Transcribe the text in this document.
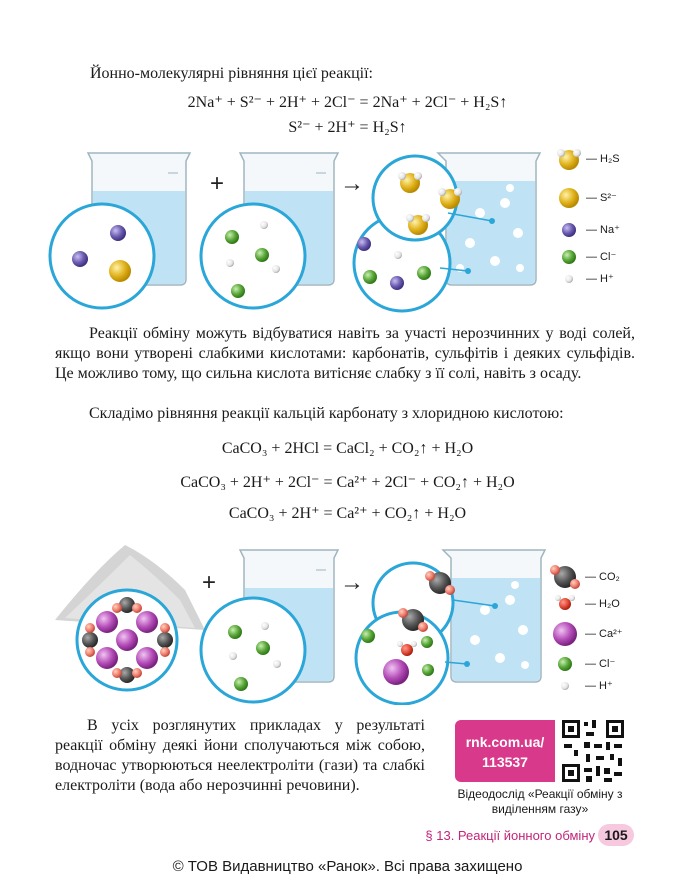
Йонно-молекулярні рівняння цієї реакції:
2Na⁺ + S²⁻ + 2H⁺ + 2Cl⁻ = 2Na⁺ + 2Cl⁻ + H₂S↑
S²⁻ + 2H⁺ = H₂S↑
+	→
— H₂S
— S²⁻
— Na⁺
— Cl⁻
— H⁺
Реакції обміну можуть відбуватися навіть за участі нерозчинних у воді солей, якщо вони утворені слабкими кислотами: карбонатів, сульфітів і деяких сульфідів. Це можливо тому, що сильна кислота витісняє слабку з її солі, навіть з осаду.
Складімо рівняння реакції кальцій карбонату з хлоридною кислотою:
CaCO₃ + 2HCl = CaCl₂ + CO₂↑ + H₂O
CaCO₃ + 2H⁺ + 2Cl⁻ = Ca²⁺ + 2Cl⁻ + CO₂↑ + H₂O
CaCO₃ + 2H⁺ = Ca²⁺ + CO₂↑ + H₂O
+	→	— CO₂
— H₂O
— Ca²⁺
— Cl⁻
— H⁺
В усіх розглянутих прикладах у результаті реакції обміну деякі йони сполучаються між собою, водночас утворюються неелектроліти (гази) та слабкі електроліти (вода або нерозчинні речовини).
rnk.com.ua/
113537
Відеодослід «Реакції обміну з виділенням газу»
§ 13. Реакції йонного обміну 105
© ТОВ Видавництво «Ранок». Всі права захищено
